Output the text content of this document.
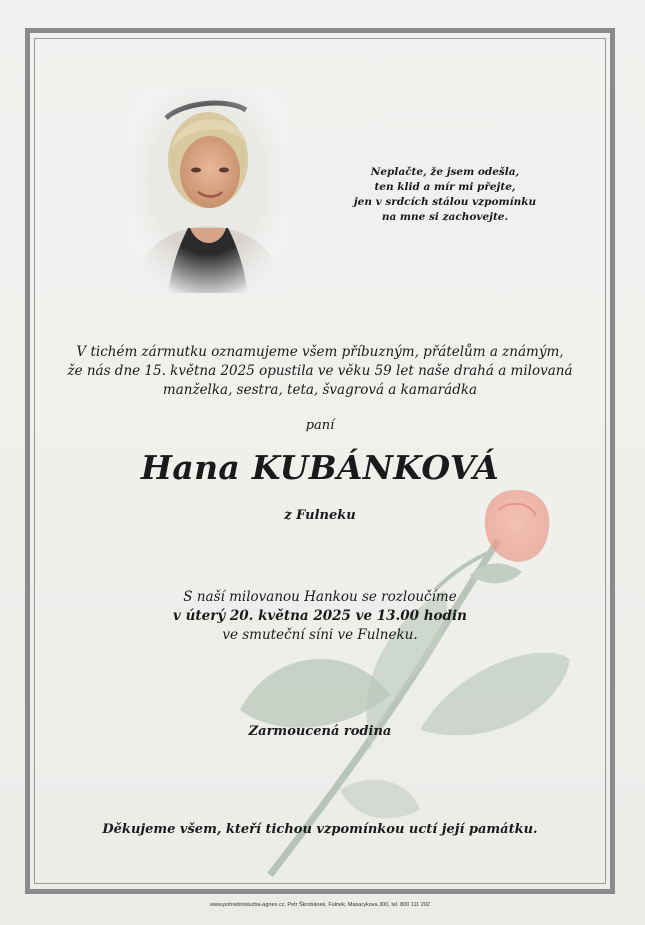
Neplačte, že jsem odešla,
ten klid a mír mi přejte,
jen v srdcích stálou vzpomínku
na mne si zachovejte.
V tichém zármutku oznamujeme všem příbuzným, přátelům a známým,
že nás dne 15. května 2025 opustila ve věku 59 let naše drahá a milovaná
manželka, sestra, teta, švagrová a kamarádka
paní
Hana KUBÁNKOVÁ
z Fulneku
S naší milovanou Hankou se rozloučíme
v úterý 20. května 2025 ve 13.00 hodin
ve smuteční síni ve Fulneku.
Zarmoucená rodina
Děkujeme všem, kteří tichou vzpomínkou uctí její památku.
www.pohrebnisluzba-agnes.cz, Petr Škrobánek, Fulnek, Masarykova 300, tel. 800 111 202
